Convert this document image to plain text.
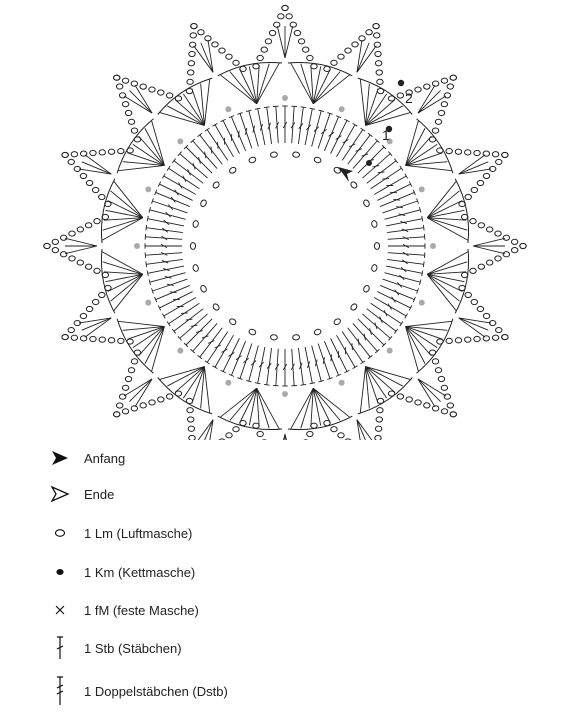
1
2
Anfang
Ende
1 Lm (Luftmasche)
1 Km (Kettmasche)
1 fM (feste Masche)
1 Stb (Stäbchen)
1 Doppelstäbchen (Dstb)
